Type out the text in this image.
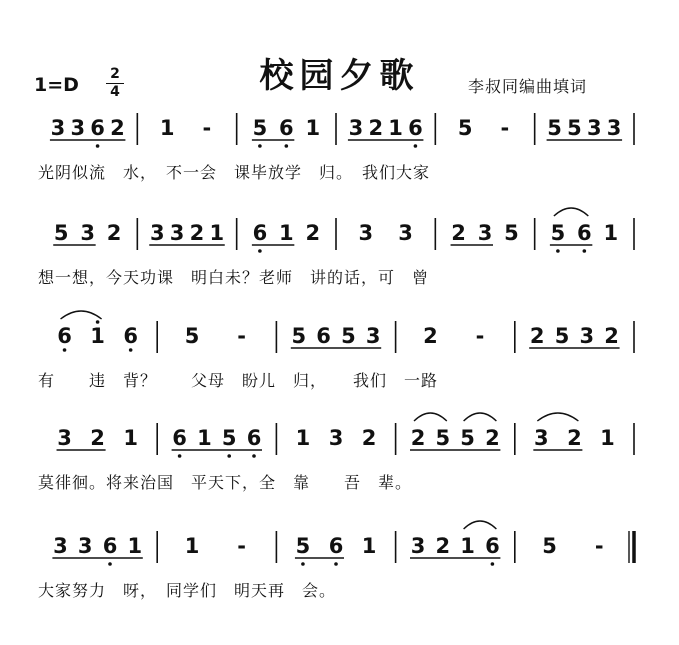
校园夕歌
1=D 2
4	李叔同编曲填词
3 3 6 2 1 - 5 6 1 3 2 1 6 5 - 5 5 3 3
光阴似流　水，　不一会　课毕放学　归。　我们大家
5 3 2 3 3 2 1 6 1 2 3 3 2 3 5 5 6 1
想一想，今天功课　明白未？老师　讲的话，可　曾
6 1 6 5 - 5 6 5 3 2 - 2 5 3 2
有　　违　背？　　父母　盼儿　归，　　我们　一路
3 2 1 6 1 5 6 1 3 2 2 5 5 2 3 2 1
莫徘徊。将来治国　平天下，全　靠　　吾　辈。
3 3 6 1 1 - 5 6 1 3 2 1 6 5 -
大家努力　呀，　同学们　明天再　会。
